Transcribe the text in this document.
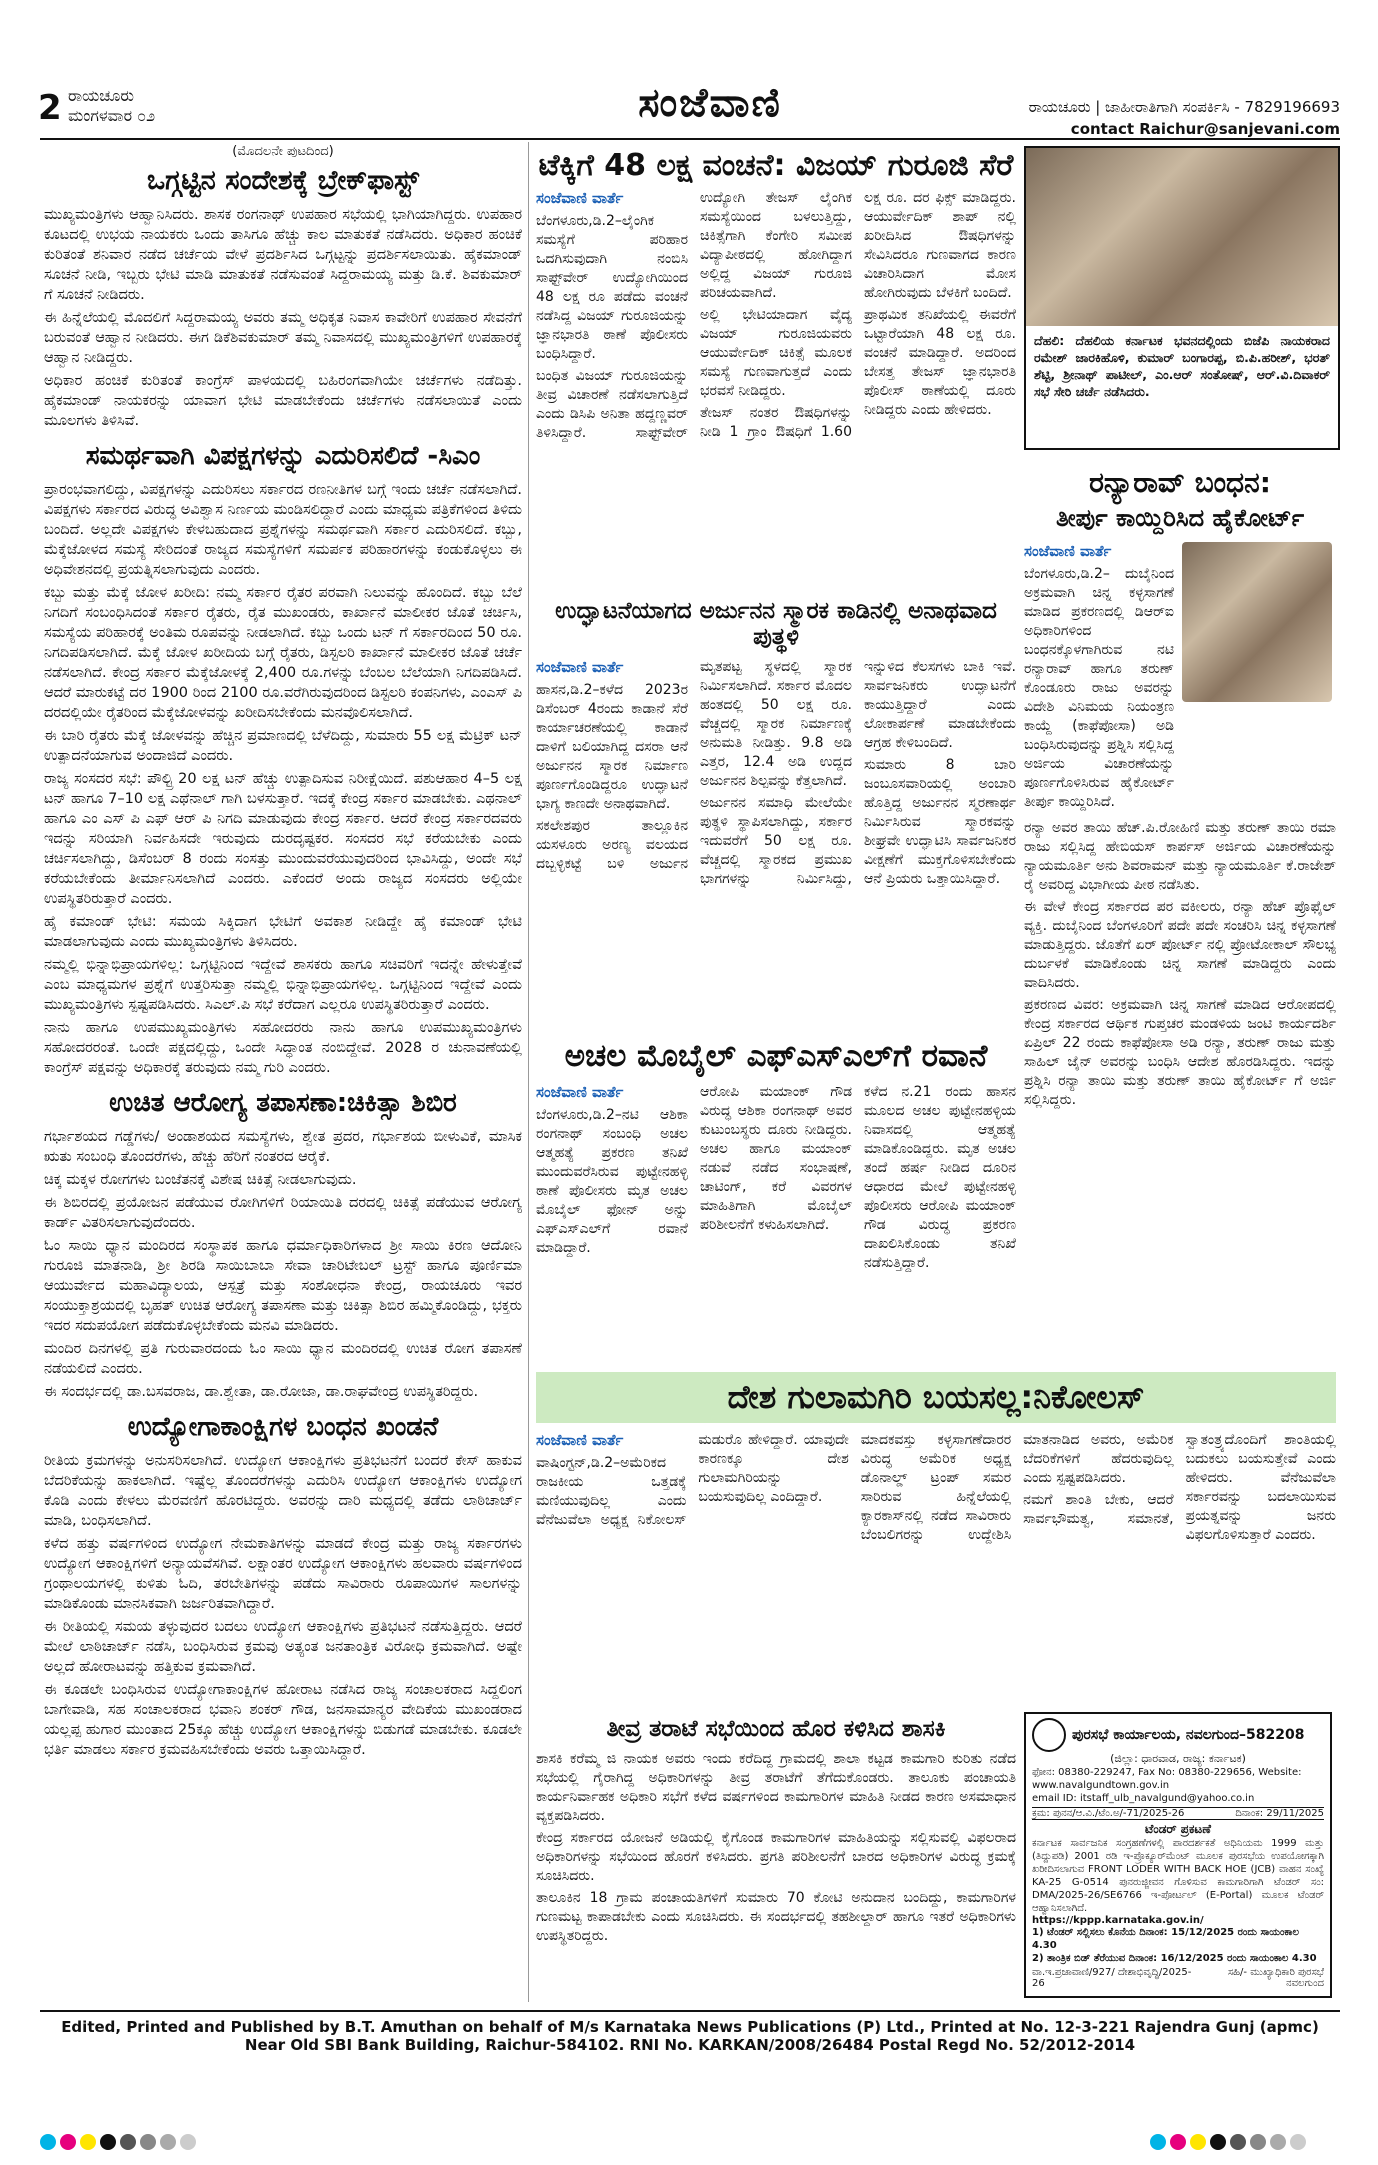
2 ರಾಯಚೂರು
ಮಂಗಳವಾರ ೦೨	ಸಂಜೆವಾಣಿ	ರಾಯಚೂರು | ಜಾಹೀರಾತಿಗಾಗಿ ಸಂಪರ್ಕಿಸಿ - 7829196693
contact Raichur@sanjevani.com
(ಮೊದಲನೇ ಪುಟದಿಂದ)
ಒಗ್ಗಟ್ಟಿನ ಸಂದೇಶಕ್ಕೆ ಬ್ರೇಕ್‌ಫಾಸ್ಟ್

ಮುಖ್ಯಮಂತ್ರಿಗಳು ಆಹ್ವಾನಿಸಿದರು. ಶಾಸಕ ರಂಗನಾಥ್ ಉಪಹಾರ ಸಭೆಯಲ್ಲಿ ಭಾಗಿಯಾಗಿದ್ದರು. ಉಪಹಾರ ಕೂಟದಲ್ಲಿ ಉಭಯ ನಾಯಕರು ಒಂದು ತಾಸಿಗೂ ಹೆಚ್ಚು ಕಾಲ ಮಾತುಕತೆ ನಡೆಸಿದರು. ಅಧಿಕಾರ ಹಂಚಿಕೆ ಕುರಿತಂತೆ ಶನಿವಾರ ನಡೆದ ಚರ್ಚೆಯ ವೇಳೆ ಪ್ರದರ್ಶಿಸಿದ ಒಗ್ಗಟ್ಟನ್ನು ಪ್ರದರ್ಶಿಸಲಾಯಿತು. ಹೈಕಮಾಂಡ್ ಸೂಚನೆ ನೀಡಿ, ಇಬ್ಬರು ಭೇಟಿ ಮಾಡಿ ಮಾತುಕತೆ ನಡೆಸುವಂತೆ ಸಿದ್ದರಾಮಯ್ಯ ಮತ್ತು ಡಿ.ಕೆ. ಶಿವಕುಮಾರ್ ಗೆ ಸೂಚನೆ ನೀಡಿದರು.

ಈ ಹಿನ್ನೆಲೆಯಲ್ಲಿ ಮೊದಲಿಗೆ ಸಿದ್ದರಾಮಯ್ಯ ಅವರು ತಮ್ಮ ಅಧಿಕೃತ ನಿವಾಸ ಕಾವೇರಿಗೆ ಉಪಹಾರ ಸೇವನೆಗೆ ಬರುವಂತೆ ಆಹ್ವಾನ ನೀಡಿದರು. ಈಗ ಡಿಕೆಶಿವಕುಮಾರ್ ತಮ್ಮ ನಿವಾಸದಲ್ಲಿ ಮುಖ್ಯಮಂತ್ರಿಗಳಿಗೆ ಉಪಹಾರಕ್ಕೆ ಆಹ್ವಾನ ನೀಡಿದ್ದರು.

ಅಧಿಕಾರ ಹಂಚಿಕೆ ಕುರಿತಂತೆ ಕಾಂಗ್ರೆಸ್ ಪಾಳಯದಲ್ಲಿ ಬಹಿರಂಗವಾಗಿಯೇ ಚರ್ಚೆಗಳು ನಡೆದಿತ್ತು. ಹೈಕಮಾಂಡ್ ನಾಯಕರನ್ನು ಯಾವಾಗ ಭೇಟಿ ಮಾಡಬೇಕೆಂದು ಚರ್ಚೆಗಳು ನಡೆಸಲಾಯಿತೆ ಎಂದು ಮೂಲಗಳು ತಿಳಿಸಿವೆ.

ಸಮರ್ಥವಾಗಿ ವಿಪಕ್ಷಗಳನ್ನು ಎದುರಿಸಲಿದೆ -ಸಿಎಂ

ಪ್ರಾರಂಭವಾಗಲಿದ್ದು, ವಿಪಕ್ಷಗಳನ್ನು ಎದುರಿಸಲು ಸರ್ಕಾರದ ರಣನೀತಿಗಳ ಬಗ್ಗೆ ಇಂದು ಚರ್ಚೆ ನಡೆಸಲಾಗಿದೆ. ವಿಪಕ್ಷಗಳು ಸರ್ಕಾರದ ವಿರುದ್ಧ ಅವಿಶ್ವಾಸ ನಿರ್ಣಯ ಮಂಡಿಸಲಿದ್ದಾರೆ ಎಂದು ಮಾಧ್ಯಮ ಪತ್ರಿಕೆಗಳಿಂದ ತಿಳಿದು ಬಂದಿದೆ. ಅಲ್ಲದೇ ವಿಪಕ್ಷಗಳು ಕೇಳಬಹುದಾದ ಪ್ರಶ್ನೆಗಳನ್ನು ಸಮರ್ಥವಾಗಿ ಸರ್ಕಾರ ಎದುರಿಸಲಿದೆ. ಕಬ್ಬು, ಮೆಕ್ಕೆಜೋಳದ ಸಮಸ್ಯೆ ಸೇರಿದಂತೆ ರಾಜ್ಯದ ಸಮಸ್ಯೆಗಳಿಗೆ ಸಮರ್ಪಕ ಪರಿಹಾರಗಳನ್ನು ಕಂಡುಕೊಳ್ಳಲು ಈ ಅಧಿವೇಶನದಲ್ಲಿ ಪ್ರಯತ್ನಿಸಲಾಗುವುದು ಎಂದರು.

ಕಬ್ಬು ಮತ್ತು ಮೆಕ್ಕೆ ಜೋಳ ಖರೀದಿ: ನಮ್ಮ ಸರ್ಕಾರ ರೈತರ ಪರವಾಗಿ ನಿಲುವನ್ನು ಹೊಂದಿದೆ. ಕಬ್ಬು ಬೆಲೆ ನಿಗದಿಗೆ ಸಂಬಂಧಿಸಿದಂತೆ ಸರ್ಕಾರ ರೈತರು, ರೈತ ಮುಖಂಡರು, ಕಾರ್ಖಾನೆ ಮಾಲೀಕರ ಜೊತೆ ಚರ್ಚಿಸಿ, ಸಮಸ್ಯೆಯ ಪರಿಹಾರಕ್ಕೆ ಅಂತಿಮ ರೂಪವನ್ನು ನೀಡಲಾಗಿದೆ. ಕಬ್ಬು ಒಂದು ಟನ್ ಗೆ ಸರ್ಕಾರದಿಂದ 50 ರೂ. ನಿಗದಿಪಡಿಸಲಾಗಿದೆ. ಮೆಕ್ಕೆ ಜೋಳ ಖರೀದಿಯ ಬಗ್ಗೆ ರೈತರು, ಡಿಸ್ಟಲರಿ ಕಾರ್ಖಾನೆ ಮಾಲೀಕರ ಜೊತೆ ಚರ್ಚೆ ನಡೆಸಲಾಗಿದೆ. ಕೇಂದ್ರ ಸರ್ಕಾರ ಮೆಕ್ಕೆಜೋಳಕ್ಕೆ 2,400 ರೂ.ಗಳನ್ನು ಬೆಂಬಲ ಬೆಲೆಯಾಗಿ ನಿಗದಿಪಡಿಸಿದೆ. ಆದರೆ ಮಾರುಕಟ್ಟೆ ದರ 1900 ರಿಂದ 2100 ರೂ.ವರೆಗಿರುವುದರಿಂದ ಡಿಸ್ಟಲರಿ ಕಂಪನಿಗಳು, ಎಂಎಸ್ ಪಿ ದರದಲ್ಲಿಯೇ ರೈತರಿಂದ ಮೆಕ್ಕೆಜೋಳವನ್ನು ಖರೀದಿಸಬೇಕೆಂದು ಮನವೊಲಿಸಲಾಗಿದೆ.

ಈ ಬಾರಿ ರೈತರು ಮೆಕ್ಕೆ ಜೋಳವನ್ನು ಹೆಚ್ಚಿನ ಪ್ರಮಾಣದಲ್ಲಿ ಬೆಳೆದಿದ್ದು, ಸುಮಾರು 55 ಲಕ್ಷ ಮೆಟ್ರಿಕ್ ಟನ್ ಉತ್ಪಾದನೆಯಾಗುವ ಅಂದಾಜಿದೆ ಎಂದರು.

ರಾಜ್ಯ ಸಂಸದರ ಸಭೆ: ಪೌಲ್ಟ್ರಿ 20 ಲಕ್ಷ ಟನ್ ಹೆಚ್ಚು ಉತ್ಪಾದಿಸುವ ನಿರೀಕ್ಷೆಯಿದೆ. ಪಶುಆಹಾರ 4–5 ಲಕ್ಷ ಟನ್ ಹಾಗೂ 7–10 ಲಕ್ಷ ಎಥೆನಾಲ್ ಗಾಗಿ ಬಳಸುತ್ತಾರೆ. ಇದಕ್ಕೆ ಕೇಂದ್ರ ಸರ್ಕಾರ ಮಾಡಬೇಕು. ಎಥನಾಲ್ ಹಾಗೂ ಎಂ ಎಸ್ ಪಿ ಎಫ್ ಆರ್ ಪಿ ನಿಗದಿ ಮಾಡುವುದು ಕೇಂದ್ರ ಸರ್ಕಾರ. ಆದರೆ ಕೇಂದ್ರ ಸರ್ಕಾರದವರು ಇದನ್ನು ಸರಿಯಾಗಿ ನಿರ್ವಹಿಸದೇ ಇರುವುದು ದುರದೃಷ್ಟಕರ. ಸಂಸದರ ಸಭೆ ಕರೆಯಬೇಕು ಎಂದು ಚರ್ಚಿಸಲಾಗಿದ್ದು, ಡಿಸೆಂಬರ್ 8 ರಂದು ಸಂಸತ್ತು ಮುಂದುವರೆಯುವುದರಿಂದ ಭಾವಿಸಿದ್ದು, ಅಂದೇ ಸಭೆ ಕರೆಯಬೇಕೆಂದು ತೀರ್ಮಾನಿಸಲಾಗಿದೆ ಎಂದರು. ಎಕೆಂದರೆ ಅಂದು ರಾಜ್ಯದ ಸಂಸದರು ಅಲ್ಲಿಯೇ ಉಪಸ್ಥಿತರಿರುತ್ತಾರೆ ಎಂದರು.

ಹೈ ಕಮಾಂಡ್ ಭೇಟಿ: ಸಮಯ ಸಿಕ್ಕಿದಾಗ ಭೇಟಿಗೆ ಅವಕಾಶ ನೀಡಿದ್ದೇ ಹೈ ಕಮಾಂಡ್ ಭೇಟಿ ಮಾಡಲಾಗುವುದು ಎಂದು ಮುಖ್ಯಮಂತ್ರಿಗಳು ತಿಳಿಸಿದರು.

ನಮ್ಮಲ್ಲಿ ಭಿನ್ನಾಭಿಪ್ರಾಯಗಳಿಲ್ಲ: ಒಗ್ಗಟ್ಟಿನಿಂದ ಇದ್ದೇವೆ ಶಾಸಕರು ಹಾಗೂ ಸಚಿವರಿಗೆ ಇದನ್ನೇ ಹೇಳುತ್ತೇವೆ ಎಂಬ ಮಾಧ್ಯಮಗಳ ಪ್ರಶ್ನೆಗೆ ಉತ್ತರಿಸುತ್ತಾ ನಮ್ಮಲ್ಲಿ ಭಿನ್ನಾಭಿಪ್ರಾಯಗಳಿಲ್ಲ. ಒಗ್ಗಟ್ಟಿನಿಂದ ಇದ್ದೇವೆ ಎಂದು ಮುಖ್ಯಮಂತ್ರಿಗಳು ಸ್ಪಷ್ಟಪಡಿಸಿದರು. ಸಿಎಲ್.ಪಿ ಸಭೆ ಕರೆದಾಗ ಎಲ್ಲರೂ ಉಪಸ್ಥಿತರಿರುತ್ತಾರೆ ಎಂದರು.

ನಾನು ಹಾಗೂ ಉಪಮುಖ್ಯಮಂತ್ರಿಗಳು ಸಹೋದರರು ನಾನು ಹಾಗೂ ಉಪಮುಖ್ಯಮಂತ್ರಿಗಳು ಸಹೋದರರಂತೆ. ಒಂದೇ ಪಕ್ಷದಲ್ಲಿದ್ದು, ಒಂದೇ ಸಿದ್ಧಾಂತ ನಂಬಿದ್ದೇವೆ. 2028 ರ ಚುನಾವಣೆಯಲ್ಲಿ ಕಾಂಗ್ರೆಸ್ ಪಕ್ಷವನ್ನು ಅಧಿಕಾರಕ್ಕೆ ತರುವುದು ನಮ್ಮ ಗುರಿ ಎಂದರು.

ಉಚಿತ ಆರೋಗ್ಯ ತಪಾಸಣಾ:ಚಿಕಿತ್ಸಾ ಶಿಬಿರ

ಗರ್ಭಾಶಯದ ಗಡ್ಡೆಗಳು/ ಅಂಡಾಶಯದ ಸಮಸ್ಯೆಗಳು, ಶ್ವೇತ ಪ್ರದರ, ಗರ್ಭಾಶಯ ಬೀಳುವಿಕೆ, ಮಾಸಿಕ ಋತು ಸಂಬಂಧಿ ತೊಂದರೆಗಳು, ಹೆಚ್ಚು ಹೆರಿಗೆ ನಂತರದ ಆರೈಕೆ.

ಚಿಕ್ಕ ಮಕ್ಕಳ ರೋಗಗಳು ಬಂಜೆತನಕ್ಕೆ ವಿಶೇಷ ಚಿಕಿತ್ಸೆ ನೀಡಲಾಗುವುದು.

ಈ ಶಿಬಿರದಲ್ಲಿ ಪ್ರಯೋಜನ ಪಡೆಯುವ ರೋಗಿಗಳಿಗೆ ರಿಯಾಯಿತಿ ದರದಲ್ಲಿ ಚಿಕಿತ್ಸೆ ಪಡೆಯುವ ಆರೋಗ್ಯ ಕಾರ್ಡ್ ವಿತರಿಸಲಾಗುವುದೆಂದರು.

ಓಂ ಸಾಯಿ ಧ್ಯಾನ ಮಂದಿರದ ಸಂಸ್ಥಾಪಕ ಹಾಗೂ ಧರ್ಮಾಧಿಕಾರಿಗಳಾದ ಶ್ರೀ ಸಾಯಿ ಕಿರಣ ಆದೋನಿ ಗುರೂಜಿ ಮಾತನಾಡಿ, ಶ್ರೀ ಶಿರಡಿ ಸಾಯಿಬಾಬಾ ಸೇವಾ ಚಾರಿಟೇಬಲ್ ಟ್ರಸ್ಟ್ ಹಾಗೂ ಪೂರ್ಣಿಮಾ ಆಯುರ್ವೇದ ಮಹಾವಿದ್ಯಾಲಯ, ಆಸ್ಪತ್ರೆ ಮತ್ತು ಸಂಶೋಧನಾ ಕೇಂದ್ರ, ರಾಯಚೂರು ಇವರ ಸಂಯುಕ್ತಾಶ್ರಯದಲ್ಲಿ ಬೃಹತ್ ಉಚಿತ ಆರೋಗ್ಯ ತಪಾಸಣಾ ಮತ್ತು ಚಿಕಿತ್ಸಾ ಶಿಬಿರ ಹಮ್ಮಿಕೊಂಡಿದ್ದು, ಭಕ್ತರು ಇದರ ಸದುಪಯೋಗ ಪಡೆದುಕೊಳ್ಳಬೇಕೆಂದು ಮನವಿ ಮಾಡಿದರು.

ಮಂದಿರ ದಿನಗಳಲ್ಲಿ ಪ್ರತಿ ಗುರುವಾರದಂದು ಓಂ ಸಾಯಿ ಧ್ಯಾನ ಮಂದಿರದಲ್ಲಿ ಉಚಿತ ರೋಗ ತಪಾಸಣೆ ನಡೆಯಲಿದೆ ಎಂದರು.

ಈ ಸಂದರ್ಭದಲ್ಲಿ ಡಾ.ಬಸವರಾಜ, ಡಾ.ಶ್ವೇತಾ, ಡಾ.ರೋಜಾ, ಡಾ.ರಾಘವೇಂದ್ರ ಉಪಸ್ಥಿತರಿದ್ದರು.

ಉದ್ಯೋಗಾಕಾಂಕ್ಷಿಗಳ ಬಂಧನ ಖಂಡನೆ

ರೀತಿಯ ಕ್ರಮಗಳನ್ನು ಅನುಸರಿಸಲಾಗಿದೆ. ಉದ್ಯೋಗ ಆಕಾಂಕ್ಷಿಗಳು ಪ್ರತಿಭಟನೆಗೆ ಬಂದರೆ ಕೇಸ್ ಹಾಕುವ ಬೆದರಿಕೆಯನ್ನು ಹಾಕಲಾಗಿದೆ. ಇಷ್ಟೆಲ್ಲ ತೊಂದರೆಗಳನ್ನು ಎದುರಿಸಿ ಉದ್ಯೋಗ ಆಕಾಂಕ್ಷಿಗಳು ಉದ್ಯೋಗ ಕೊಡಿ ಎಂದು ಕೇಳಲು ಮೆರವಣಿಗೆ ಹೊರಟಿದ್ದರು. ಅವರನ್ನು ದಾರಿ ಮಧ್ಯದಲ್ಲಿ ತಡೆದು ಲಾಠಿಚಾರ್ಜ್ ಮಾಡಿ, ಬಂಧಿಸಲಾಗಿದೆ.

ಕಳೆದ ಹತ್ತು ವರ್ಷಗಳಿಂದ ಉದ್ಯೋಗ ನೇಮಕಾತಿಗಳನ್ನು ಮಾಡದೆ ಕೇಂದ್ರ ಮತ್ತು ರಾಜ್ಯ ಸರ್ಕಾರಗಳು ಉದ್ಯೋಗ ಆಕಾಂಕ್ಷಿಗಳಿಗೆ ಅನ್ಯಾಯವೆಸಗಿವೆ. ಲಕ್ಷಾಂತರ ಉದ್ಯೋಗ ಆಕಾಂಕ್ಷಿಗಳು ಹಲವಾರು ವರ್ಷಗಳಿಂದ ಗ್ರಂಥಾಲಯಗಳಲ್ಲಿ ಕುಳಿತು ಓದಿ, ತರಬೇತಿಗಳನ್ನು ಪಡೆದು ಸಾವಿರಾರು ರೂಪಾಯಿಗಳ ಸಾಲಗಳನ್ನು ಮಾಡಿಕೊಂಡು ಮಾನಸಿಕವಾಗಿ ಜರ್ಜರಿತವಾಗಿದ್ದಾರೆ.

ಈ ರೀತಿಯಲ್ಲಿ ಸಮಯ ತಳ್ಳುವುದರ ಬದಲು ಉದ್ಯೋಗ ಆಕಾಂಕ್ಷಿಗಳು ಪ್ರತಿಭಟನೆ ನಡೆಸುತ್ತಿದ್ದರು. ಆದರೆ ಮೇಲೆ ಲಾಠಿಚಾರ್ಜ್ ನಡೆಸಿ, ಬಂಧಿಸಿರುವ ಕ್ರಮವು ಅತ್ಯಂತ ಜನತಾಂತ್ರಿಕ ವಿರೋಧಿ ಕ್ರಮವಾಗಿದೆ. ಅಷ್ಟೇ ಅಲ್ಲದೆ ಹೋರಾಟವನ್ನು ಹತ್ತಿಕುವ ಕ್ರಮವಾಗಿದೆ.

ಈ ಕೂಡಲೇ ಬಂಧಿಸಿರುವ ಉದ್ಯೋಗಾಕಾಂಕ್ಷಿಗಳ ಹೋರಾಟ ನಡೆಸಿದ ರಾಜ್ಯ ಸಂಚಾಲಕರಾದ ಸಿದ್ದಲಿಂಗ ಬಾಗೇವಾಡಿ, ಸಹ ಸಂಚಾಲಕರಾದ ಭವಾನಿ ಶಂಕರ್ ಗೌಡ, ಜನಸಾಮಾನ್ಯರ ವೇದಿಕೆಯ ಮುಖಂಡರಾದ ಯಲ್ಲಪ್ಪ ಹುಗಾರ ಮುಂತಾದ 25ಕ್ಕೂ ಹೆಚ್ಚು ಉದ್ಯೋಗ ಆಕಾಂಕ್ಷಿಗಳನ್ನು ಬಿಡುಗಡೆ ಮಾಡಬೇಕು. ಕೂಡಲೇ ಭರ್ತಿ ಮಾಡಲು ಸರ್ಕಾರ ಕ್ರಮವಹಿಸಬೇಕೆಂದು ಅವರು ಒತ್ತಾಯಿಸಿದ್ದಾರೆ.

ಟೆಕ್ಕಿಗೆ 48 ಲಕ್ಷ ವಂಚನೆ: ವಿಜಯ್ ಗುರೂಜಿ ಸೆರೆ

ಸಂಜೆವಾಣಿ ವಾರ್ತೆ

ಬೆಂಗಳೂರು,ಡಿ.2–ಲೈಂಗಿಕ ಸಮಸ್ಯೆಗೆ ಪರಿಹಾರ ಒದಗಿಸುವುದಾಗಿ ನಂಬಿಸಿ ಸಾಫ್ಟ್‌ವೇರ್ ಉದ್ಯೋಗಿಯಿಂದ 48 ಲಕ್ಷ ರೂ ಪಡೆದು ವಂಚನೆ ನಡೆಸಿದ್ದ ವಿಜಯ್ ಗುರೂಜಿಯನ್ನು ಜ್ಞಾನಭಾರತಿ ಠಾಣೆ ಪೊಲೀಸರು ಬಂಧಿಸಿದ್ದಾರೆ.

ಬಂಧಿತ ವಿಜಯ್ ಗುರೂಜಿಯನ್ನು ತೀವ್ರ ವಿಚಾರಣೆ ನಡೆಸಲಾಗುತ್ತಿದೆ ಎಂದು ಡಿಸಿಪಿ ಅನಿತಾ ಹದ್ದಣ್ಣವರ್ ತಿಳಿಸಿದ್ದಾರೆ. ಸಾಫ್ಟ್‌ವೇರ್ ಉದ್ಯೋಗಿ ತೇಜಸ್ ಲೈಂಗಿಕ ಸಮಸ್ಯೆಯಿಂದ ಬಳಲುತ್ತಿದ್ದು, ಚಿಕಿತ್ಸೆಗಾಗಿ ಕೆಂಗೇರಿ ಸಮೀಪ ವಿದ್ಯಾಪೀಠದಲ್ಲಿ ಹೋಗಿದ್ದಾಗ ಅಲ್ಲಿದ್ದ ವಿಜಯ್ ಗುರೂಜಿ ಪರಿಚಯವಾಗಿದೆ.

ಅಲ್ಲಿ ಭೇಟಿಯಾದಾಗ ವೈದ್ಯ ವಿಜಯ್ ಗುರೂಜಿಯವರು ಆಯುರ್ವೇದಿಕ್ ಚಿಕಿತ್ಸೆ ಮೂಲಕ ಸಮಸ್ಯೆ ಗುಣವಾಗುತ್ತದೆ ಎಂದು ಭರವಸೆ ನೀಡಿದ್ದರು.

ತೇಜಸ್ ನಂತರ ಔಷಧಿಗಳನ್ನು ನೀಡಿ 1 ಗ್ರಾಂ ಔಷಧಿಗೆ 1.60 ಲಕ್ಷ ರೂ. ದರ ಫಿಕ್ಸ್ ಮಾಡಿದ್ದರು. ಆಯುರ್ವೇದಿಕ್ ಶಾಪ್ ನಲ್ಲಿ ಖರೀದಿಸಿದ ಔಷಧಿಗಳನ್ನು ಸೇವಿಸಿದರೂ ಗುಣವಾಗದ ಕಾರಣ ವಿಚಾರಿಸಿದಾಗ ಮೋಸ ಹೋಗಿರುವುದು ಬೆಳಕಿಗೆ ಬಂದಿದೆ.

ಪ್ರಾಥಮಿಕ ತನಿಖೆಯಲ್ಲಿ ಈವರೆಗೆ ಒಟ್ಟಾರೆಯಾಗಿ 48 ಲಕ್ಷ ರೂ. ವಂಚನೆ ಮಾಡಿದ್ದಾರೆ. ಅದರಿಂದ ಬೇಸತ್ತ ತೇಜಸ್ ಜ್ಞಾನಭಾರತಿ ಪೊಲೀಸ್ ಠಾಣೆಯಲ್ಲಿ ದೂರು ನೀಡಿದ್ದರು ಎಂದು ಹೇಳಿದರು.

ದೆಹಲಿ: ದೆಹಲಿಯ ಕರ್ನಾಟಕ ಭವನದಲ್ಲಿಂದು ಬಿಜೆಪಿ ನಾಯಕರಾದ ರಮೇಶ್ ಜಾರಕಿಹೊಳಿ, ಕುಮಾರ್ ಬಂಗಾರಪ್ಪ, ಬಿ.ಪಿ.ಹರೀಶ್, ಭರತ್ ಶೆಟ್ಟಿ, ಶ್ರೀನಾಥ್ ಪಾಟೀಲ್, ಎಂ.ಆರ್ ಸಂತೋಷ್, ಆರ್.ವಿ.ದಿವಾಕರ್ ಸಭೆ ಸೇರಿ ಚರ್ಚೆ ನಡೆಸಿದರು.
ರನ್ಯಾರಾವ್ ಬಂಧನ:
ತೀರ್ಪು ಕಾಯ್ದಿರಿಸಿದ ಹೈಕೋರ್ಟ್

ಸಂಜೆವಾಣಿ ವಾರ್ತೆ

ಬೆಂಗಳೂರು,ಡಿ.2– ದುಬೈನಿಂದ ಅಕ್ರಮವಾಗಿ ಚಿನ್ನ ಕಳ್ಳಸಾಗಣೆ ಮಾಡಿದ ಪ್ರಕರಣದಲ್ಲಿ ಡಿಆರ್‌ಐ ಅಧಿಕಾರಿಗಳಿಂದ ಬಂಧನಕ್ಕೊಳಗಾಗಿರುವ ನಟಿ ರನ್ಯಾರಾವ್ ಹಾಗೂ ತರುಣ್ ಕೊಂಡೂರು ರಾಜು ಅವರನ್ನು ವಿದೇಶಿ ವಿನಿಮಯ ನಿಯಂತ್ರಣ ಕಾಯ್ದೆ (ಕಾಫೆಪೋಸಾ) ಅಡಿ ಬಂಧಿಸಿರುವುದನ್ನು ಪ್ರಶ್ನಿಸಿ ಸಲ್ಲಿಸಿದ್ದ ಅರ್ಜಿಯ ವಿಚಾರಣೆಯನ್ನು ಪೂರ್ಣಗೊಳಿಸಿರುವ ಹೈಕೋರ್ಟ್ ತೀರ್ಪು ಕಾಯ್ದಿರಿಸಿದೆ.

ರನ್ಯಾ ಅವರ ತಾಯಿ ಹೆಚ್.ಪಿ.ರೋಹಿಣಿ ಮತ್ತು ತರುಣ್ ತಾಯಿ ರಮಾ ರಾಜು ಸಲ್ಲಿಸಿದ್ದ ಹೇಬಿಯಸ್ ಕಾರ್ಪಸ್ ಅರ್ಜಿಯ ವಿಚಾರಣೆಯನ್ನು ನ್ಯಾಯಮೂರ್ತಿ ಅನು ಶಿವರಾಮನ್ ಮತ್ತು ನ್ಯಾಯಮೂರ್ತಿ ಕೆ.ರಾಜೇಶ್ ರೈ ಅವರಿದ್ದ ವಿಭಾಗೀಯ ಪೀಠ ನಡೆಸಿತು.

ಈ ವೇಳೆ ಕೇಂದ್ರ ಸರ್ಕಾರದ ಪರ ವಕೀಲರು, ರನ್ಯಾ ಹೆಚ್ ಪ್ರೊಫೈಲ್ ವ್ಯಕ್ತಿ. ದುಬೈನಿಂದ ಬೆಂಗಳೂರಿಗೆ ಪದೇ ಪದೇ ಸಂಚರಿಸಿ ಚಿನ್ನ ಕಳ್ಳಸಾಗಣೆ ಮಾಡುತ್ತಿದ್ದರು. ಜೊತೆಗೆ ಏರ್ ಪೋರ್ಟ್ ನಲ್ಲಿ ಪ್ರೋಟೋಕಾಲ್ ಸೌಲಭ್ಯ ದುರ್ಬಳಕೆ ಮಾಡಿಕೊಂಡು ಚಿನ್ನ ಸಾಗಣೆ ಮಾಡಿದ್ದರು ಎಂದು ವಾದಿಸಿದರು.

ಪ್ರಕರಣದ ವಿವರ: ಅಕ್ರಮವಾಗಿ ಚಿನ್ನ ಸಾಗಣೆ ಮಾಡಿದ ಆರೋಪದಲ್ಲಿ ಕೇಂದ್ರ ಸರ್ಕಾರದ ಆರ್ಥಿಕ ಗುಪ್ತಚರ ಮಂಡಳಿಯ ಜಂಟಿ ಕಾರ್ಯದರ್ಶಿ ಏಪ್ರಿಲ್ 22 ರಂದು ಕಾಫೆಪೋಸಾ ಅಡಿ ರನ್ಯಾ, ತರುಣ್ ರಾಜು ಮತ್ತು ಸಾಹಿಲ್ ಜೈನ್ ಅವರನ್ನು ಬಂಧಿಸಿ ಆದೇಶ ಹೊರಡಿಸಿದ್ದರು. ಇದನ್ನು ಪ್ರಶ್ನಿಸಿ ರನ್ಯಾ ತಾಯಿ ಮತ್ತು ತರುಣ್ ತಾಯಿ ಹೈಕೋರ್ಟ್ ಗೆ ಅರ್ಜಿ ಸಲ್ಲಿಸಿದ್ದರು.

ಉದ್ಘಾಟನೆಯಾಗದ ಅರ್ಜುನನ ಸ್ಮಾರಕ ಕಾಡಿನಲ್ಲಿ ಅನಾಥವಾದ ಪುತ್ಥಳಿ

ಸಂಜೆವಾಣಿ ವಾರ್ತೆ

ಹಾಸನ,ಡಿ.2–ಕಳೆದ 2023ರ ಡಿಸೆಂಬರ್ 4ರಂದು ಕಾಡಾನೆ ಸೆರೆ ಕಾರ್ಯಾಚರಣೆಯಲ್ಲಿ ಕಾಡಾನೆ ದಾಳಿಗೆ ಬಲಿಯಾಗಿದ್ದ ದಸರಾ ಆನೆ ಅರ್ಜುನನ ಸ್ಮಾರಕ ನಿರ್ಮಾಣ ಪೂರ್ಣಗೊಂಡಿದ್ದರೂ ಉದ್ಘಾಟನೆ ಭಾಗ್ಯ ಕಾಣದೇ ಅನಾಥವಾಗಿದೆ.

ಸಕಲೇಶಪುರ ತಾಲ್ಲೂಕಿನ ಯಸಳೂರು ಅರಣ್ಯ ವಲಯದ ದಬ್ಬಳ್ಳಿಕಟ್ಟೆ ಬಳಿ ಅರ್ಜುನ ಮೃತಪಟ್ಟ ಸ್ಥಳದಲ್ಲಿ ಸ್ಮಾರಕ ನಿರ್ಮಿಸಲಾಗಿದೆ. ಸರ್ಕಾರ ಮೊದಲ ಹಂತದಲ್ಲಿ 50 ಲಕ್ಷ ರೂ. ವೆಚ್ಚದಲ್ಲಿ ಸ್ಮಾರಕ ನಿರ್ಮಾಣಕ್ಕೆ ಅನುಮತಿ ನೀಡಿತ್ತು. 9.8 ಅಡಿ ಎತ್ತರ, 12.4 ಅಡಿ ಉದ್ದದ ಅರ್ಜುನನ ಶಿಲ್ಪವನ್ನು ಕೆತ್ತಲಾಗಿದೆ.

ಅರ್ಜುನನ ಸಮಾಧಿ ಮೇಲೆಯೇ ಪುತ್ಥಳಿ ಸ್ಥಾಪಿಸಲಾಗಿದ್ದು, ಸರ್ಕಾರ ಇದುವರೆಗೆ 50 ಲಕ್ಷ ರೂ. ವೆಚ್ಚದಲ್ಲಿ ಸ್ಮಾರಕದ ಪ್ರಮುಖ ಭಾಗಗಳನ್ನು ನಿರ್ಮಿಸಿದ್ದು, ಇನ್ನುಳಿದ ಕೆಲಸಗಳು ಬಾಕಿ ಇವೆ. ಸಾರ್ವಜನಿಕರು ಉದ್ಘಾಟನೆಗೆ ಕಾಯುತ್ತಿದ್ದಾರೆ ಎಂದು ಲೋಕಾರ್ಪಣೆ ಮಾಡಬೇಕೆಂದು ಆಗ್ರಹ ಕೇಳಿಬಂದಿದೆ.

ಸುಮಾರು 8 ಬಾರಿ ಜಂಬೂಸವಾರಿಯಲ್ಲಿ ಅಂಬಾರಿ ಹೊತ್ತಿದ್ದ ಅರ್ಜುನನ ಸ್ಮರಣಾರ್ಥ ನಿರ್ಮಿಸಿರುವ ಸ್ಮಾರಕವನ್ನು ಶೀಘ್ರವೇ ಉದ್ಘಾಟಿಸಿ ಸಾರ್ವಜನಿಕರ ವೀಕ್ಷಣೆಗೆ ಮುಕ್ತಗೊಳಿಸಬೇಕೆಂದು ಆನೆ ಪ್ರಿಯರು ಒತ್ತಾಯಿಸಿದ್ದಾರೆ.

ಅಚಲ ಮೊಬೈಲ್ ಎಫ್‌ಎಸ್‌ಎಲ್‌ಗೆ ರವಾನೆ

ಸಂಜೆವಾಣಿ ವಾರ್ತೆ

ಬೆಂಗಳೂರು,ಡಿ.2–ನಟಿ ಆಶಿಕಾ ರಂಗನಾಥ್ ಸಂಬಂಧಿ ಅಚಲ ಆತ್ಮಹತ್ಯೆ ಪ್ರಕರಣ ತನಿಖೆ ಮುಂದುವರೆಸಿರುವ ಪುಟ್ಟೇನಹಳ್ಳಿ ಠಾಣೆ ಪೊಲೀಸರು ಮೃತ ಅಚಲ ಮೊಬೈಲ್ ಫೋನ್ ಅನ್ನು ಎಫ್‌ಎಸ್‌ಎಲ್‌ಗೆ ರವಾನೆ ಮಾಡಿದ್ದಾರೆ.

ಆರೋಪಿ ಮಯಾಂಕ್ ಗೌಡ ವಿರುದ್ಧ ಆಶಿಕಾ ರಂಗನಾಥ್ ಅವರ ಕುಟುಂಬಸ್ಥರು ದೂರು ನೀಡಿದ್ದರು. ಅಚಲ ಹಾಗೂ ಮಯಾಂಕ್ ನಡುವೆ ನಡೆದ ಸಂಭಾಷಣೆ, ಚಾಟಿಂಗ್, ಕರೆ ವಿವರಗಳ ಮಾಹಿತಿಗಾಗಿ ಮೊಬೈಲ್ ಪರಿಶೀಲನೆಗೆ ಕಳುಹಿಸಲಾಗಿದೆ.

ಕಳೆದ ನ.21 ರಂದು ಹಾಸನ ಮೂಲದ ಅಚಲ ಪುಟ್ಟೇನಹಳ್ಳಿಯ ನಿವಾಸದಲ್ಲಿ ಆತ್ಮಹತ್ಯೆ ಮಾಡಿಕೊಂಡಿದ್ದರು. ಮೃತ ಅಚಲ ತಂದೆ ಹರ್ಷ ನೀಡಿದ ದೂರಿನ ಆಧಾರದ ಮೇಲೆ ಪುಟ್ಟೇನಹಳ್ಳಿ ಪೊಲೀಸರು ಆರೋಪಿ ಮಯಾಂಕ್ ಗೌಡ ವಿರುದ್ಧ ಪ್ರಕರಣ ದಾಖಲಿಸಿಕೊಂಡು ತನಿಖೆ ನಡೆಸುತ್ತಿದ್ದಾರೆ.

ದೇಶ ಗುಲಾಮಗಿರಿ ಬಯಸಲ್ಲ:ನಿಕೋಲಸ್

ಸಂಜೆವಾಣಿ ವಾರ್ತೆ

ವಾಷಿಂಗ್ಟನ್,ಡಿ.2–ಅಮೆರಿಕದ ರಾಜಕೀಯ ಒತ್ತಡಕ್ಕೆ ಮಣಿಯುವುದಿಲ್ಲ ಎಂದು ವೆನೆಜುವೆಲಾ ಅಧ್ಯಕ್ಷ ನಿಕೋಲಸ್ ಮಡುರೊ ಹೇಳಿದ್ದಾರೆ. ಯಾವುದೇ ಕಾರಣಕ್ಕೂ ದೇಶ ಗುಲಾಮಗಿರಿಯನ್ನು ಬಯಸುವುದಿಲ್ಲ ಎಂದಿದ್ದಾರೆ.

ಮಾದಕವಸ್ತು ಕಳ್ಳಸಾಗಣೆದಾರರ ವಿರುದ್ಧ ಅಮೆರಿಕ ಅಧ್ಯಕ್ಷ ಡೊನಾಲ್ಡ್ ಟ್ರಂಪ್ ಸಮರ ಸಾರಿರುವ ಹಿನ್ನೆಲೆಯಲ್ಲಿ ಕ್ಯಾರಕಾಸ್‌ನಲ್ಲಿ ನಡೆದ ಸಾವಿರಾರು ಬೆಂಬಲಿಗರನ್ನು ಉದ್ದೇಶಿಸಿ ಮಾತನಾಡಿದ ಅವರು, ಅಮೆರಿಕ ಬೆದರಿಕೆಗಳಿಗೆ ಹೆದರುವುದಿಲ್ಲ ಎಂದು ಸ್ಪಷ್ಟಪಡಿಸಿದರು.

ನಮಗೆ ಶಾಂತಿ ಬೇಕು, ಆದರೆ ಸಾರ್ವಭೌಮತ್ವ, ಸಮಾನತೆ, ಸ್ವಾತಂತ್ರ್ಯದೊಂದಿಗೆ ಶಾಂತಿಯಲ್ಲಿ ಬದುಕಲು ಬಯಸುತ್ತೇವೆ ಎಂದು ಹೇಳಿದರು. ವೆನೆಜುವೆಲಾ ಸರ್ಕಾರವನ್ನು ಬದಲಾಯಿಸುವ ಪ್ರಯತ್ನವನ್ನು ಜನರು ವಿಫಲಗೊಳಿಸುತ್ತಾರೆ ಎಂದರು.

ತೀವ್ರ ತರಾಟೆ ಸಭೆಯಿಂದ ಹೊರ ಕಳಿಸಿದ ಶಾಸಕಿ

ಶಾಸಕಿ ಕರೆಮ್ಮ ಜಿ ನಾಯಕ ಅವರು ಇಂದು ಕರೆದಿದ್ದ ಗ್ರಾಮದಲ್ಲಿ ಶಾಲಾ ಕಟ್ಟಡ ಕಾಮಗಾರಿ ಕುರಿತು ನಡೆದ ಸಭೆಯಲ್ಲಿ ಗೈರಾಗಿದ್ದ ಅಧಿಕಾರಿಗಳನ್ನು ತೀವ್ರ ತರಾಟೆಗೆ ತೆಗೆದುಕೊಂಡರು. ತಾಲೂಕು ಪಂಚಾಯತಿ ಕಾರ್ಯನಿರ್ವಾಹಕ ಅಧಿಕಾರಿ ಸಭೆಗೆ ಕಳೆದ ವರ್ಷಗಳಿಂದ ಕಾಮಗಾರಿಗಳ ಮಾಹಿತಿ ನೀಡದ ಕಾರಣ ಅಸಮಾಧಾನ ವ್ಯಕ್ತಪಡಿಸಿದರು.

ಕೇಂದ್ರ ಸರ್ಕಾರದ ಯೋಜನೆ ಅಡಿಯಲ್ಲಿ ಕೈಗೊಂಡ ಕಾಮಗಾರಿಗಳ ಮಾಹಿತಿಯನ್ನು ಸಲ್ಲಿಸುವಲ್ಲಿ ವಿಫಲರಾದ ಅಧಿಕಾರಿಗಳನ್ನು ಸಭೆಯಿಂದ ಹೊರಗೆ ಕಳಿಸಿದರು. ಪ್ರಗತಿ ಪರಿಶೀಲನೆಗೆ ಬಾರದ ಅಧಿಕಾರಿಗಳ ವಿರುದ್ಧ ಕ್ರಮಕ್ಕೆ ಸೂಚಿಸಿದರು.

ತಾಲೂಕಿನ 18 ಗ್ರಾಮ ಪಂಚಾಯತಿಗಳಿಗೆ ಸುಮಾರು 70 ಕೋಟಿ ಅನುದಾನ ಬಂದಿದ್ದು, ಕಾಮಗಾರಿಗಳ ಗುಣಮಟ್ಟ ಕಾಪಾಡಬೇಕು ಎಂದು ಸೂಚಿಸಿದರು. ಈ ಸಂದರ್ಭದಲ್ಲಿ ತಹಶೀಲ್ದಾರ್ ಹಾಗೂ ಇತರೆ ಅಧಿಕಾರಿಗಳು ಉಪಸ್ಥಿತರಿದ್ದರು.

ಪುರಸಭೆ ಕಾರ್ಯಾಲಯ, ನವಲಗುಂದ–582208
(ಜಿಲ್ಲಾ: ಧಾರವಾಡ, ರಾಜ್ಯ: ಕರ್ನಾಟಕ)
ಫೋನ: 08380-229247, Fax No: 08380-229656, Website: www.navalgundtown.gov.in
email ID: itstaff_ulb_navalgund@yahoo.co.in
ಕ್ರಮ: ಪುನನ/ಆ.ವಿ./ಟೆಂ.ಅ/-71/2025-26	ದಿನಾಂಕ: 29/11/2025
ಟೆಂಡರ್ ಪ್ರಕಟಣೆ
ಕರ್ನಾಟಕ ಸಾರ್ವಜನಿಕ ಸಂಗ್ರಹಣೆಗಳಲ್ಲಿ ಪಾರದರ್ಶಕತೆ ಅಧಿನಿಯಮ 1999 ಮತ್ತು (ತಿದ್ದುಪಡಿ) 2001 ರಡಿ ಇ-ಪ್ರೊಕ್ಯೂರ್‌ಮೆಂಟ್ ಮೂಲಕ ಪುರಸಭೆಯ ಉಪಯೋಗಕ್ಕಾಗಿ ಖರೀದಿಸಲಾಗುವ FRONT LODER WITH BACK HOE (JCB) ವಾಹನ ಸಂಖ್ಯೆ KA-25 G-0514 ಪುನರುಜ್ಜೀವನ ಗೊಳಿಸುವ ಕಾಮಗಾರಿಗಾಗಿ ಟೆಂಡರ್ ಸಂ: DMA/2025-26/SE6766 ಇ-ಪೋರ್ಟಲ್ (E-Portal) ಮೂಲಕ ಟೆಂಡರ್ ಆಹ್ವಾನಿಸಲಾಗಿದೆ.
https://kppp.karnataka.gov.in/
1) ಟೆಂಡರ್ ಸಲ್ಲಿಸಲು ಕೊನೆಯ ದಿನಾಂಕ: 15/12/2025 ರಂದು ಸಾಯಂಕಾಲ 4.30
2) ತಾಂತ್ರಿಕ ಬಿಡ್ ತೆರೆಯುವ ದಿನಾಂಕ: 16/12/2025 ರಂದು ಸಾಯಂಕಾಲ 4.30
ವಾ.ಇ.ಪ್ರಜಾವಾಣಿ/927/ ದೇಶಾಭಿವೃದ್ಧಿ/2025-26
ಸಹಿ/- ಮುಖ್ಯಾಧಿಕಾರಿ ಪುರಸಭೆ ನವಲಗುಂದ
Edited, Printed and Published by B.T. Amuthan on behalf of M/s Karnataka News Publications (P) Ltd., Printed at No. 12-3-221 Rajendra Gunj (apmc) Near Old SBI Bank Building, Raichur-584102. RNI No. KARKAN/2008/26484 Postal Regd No. 52/2012-2014
